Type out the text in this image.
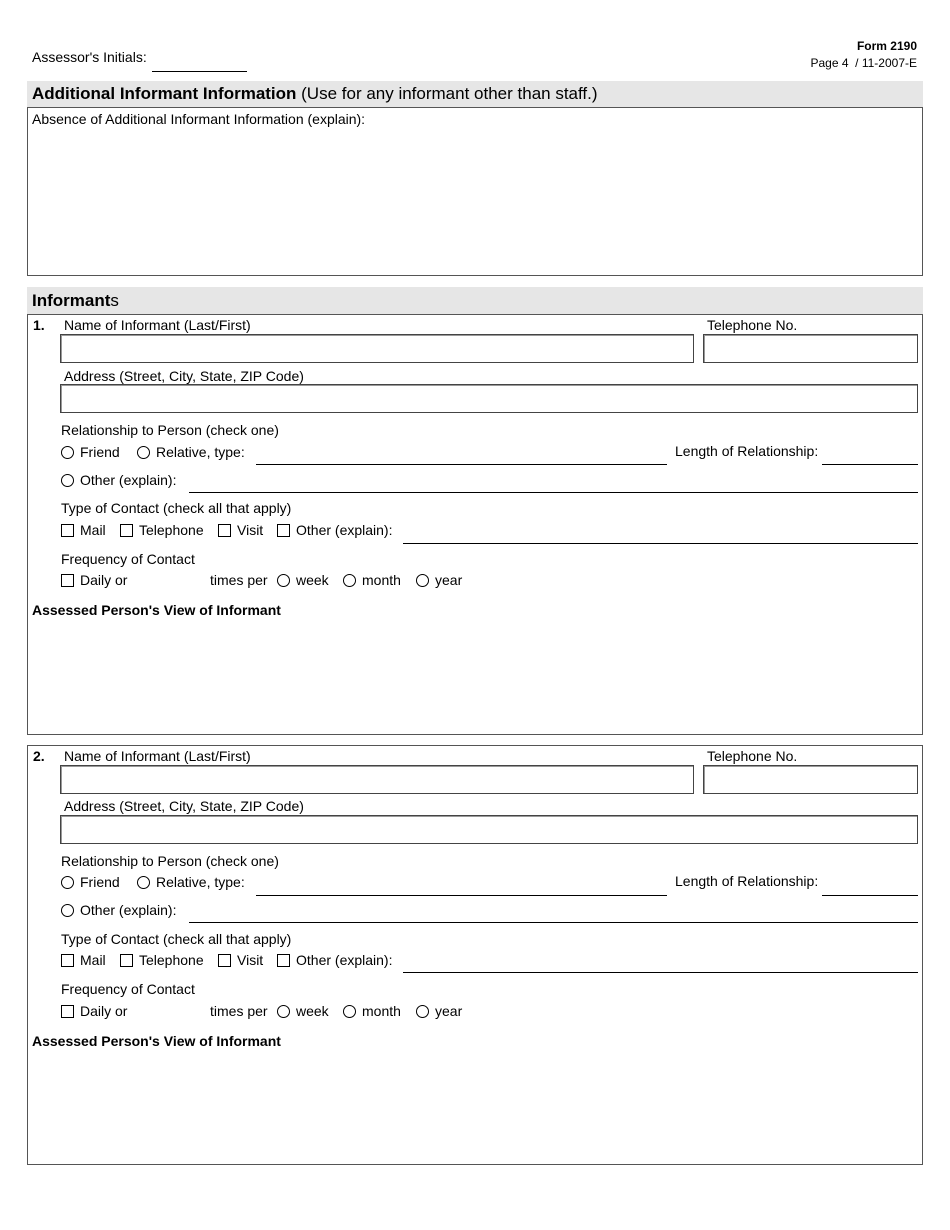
Assessor's Initials:
Form 2190
Page 4  / 11-2007-E
Additional Informant Information (Use for any informant other than staff.)
Absence of Additional Informant Information (explain):
Informants
1. Name of Informant (Last/First)	Telephone No.
Address (Street, City, State, ZIP Code)
Relationship to Person (check one)
Friend	Relative, type:	Length of Relationship:
Other (explain):
Type of Contact (check all that apply)
Mail	Telephone	Visit	Other (explain):
Frequency of Contact
Daily or	times per	week	month	year
Assessed Person's View of Informant
2. Name of Informant (Last/First)	Telephone No.
Address (Street, City, State, ZIP Code)
Relationship to Person (check one)
Friend	Relative, type:	Length of Relationship:
Other (explain):
Type of Contact (check all that apply)
Mail	Telephone	Visit	Other (explain):
Frequency of Contact
Daily or	times per	week	month	year
Assessed Person's View of Informant
